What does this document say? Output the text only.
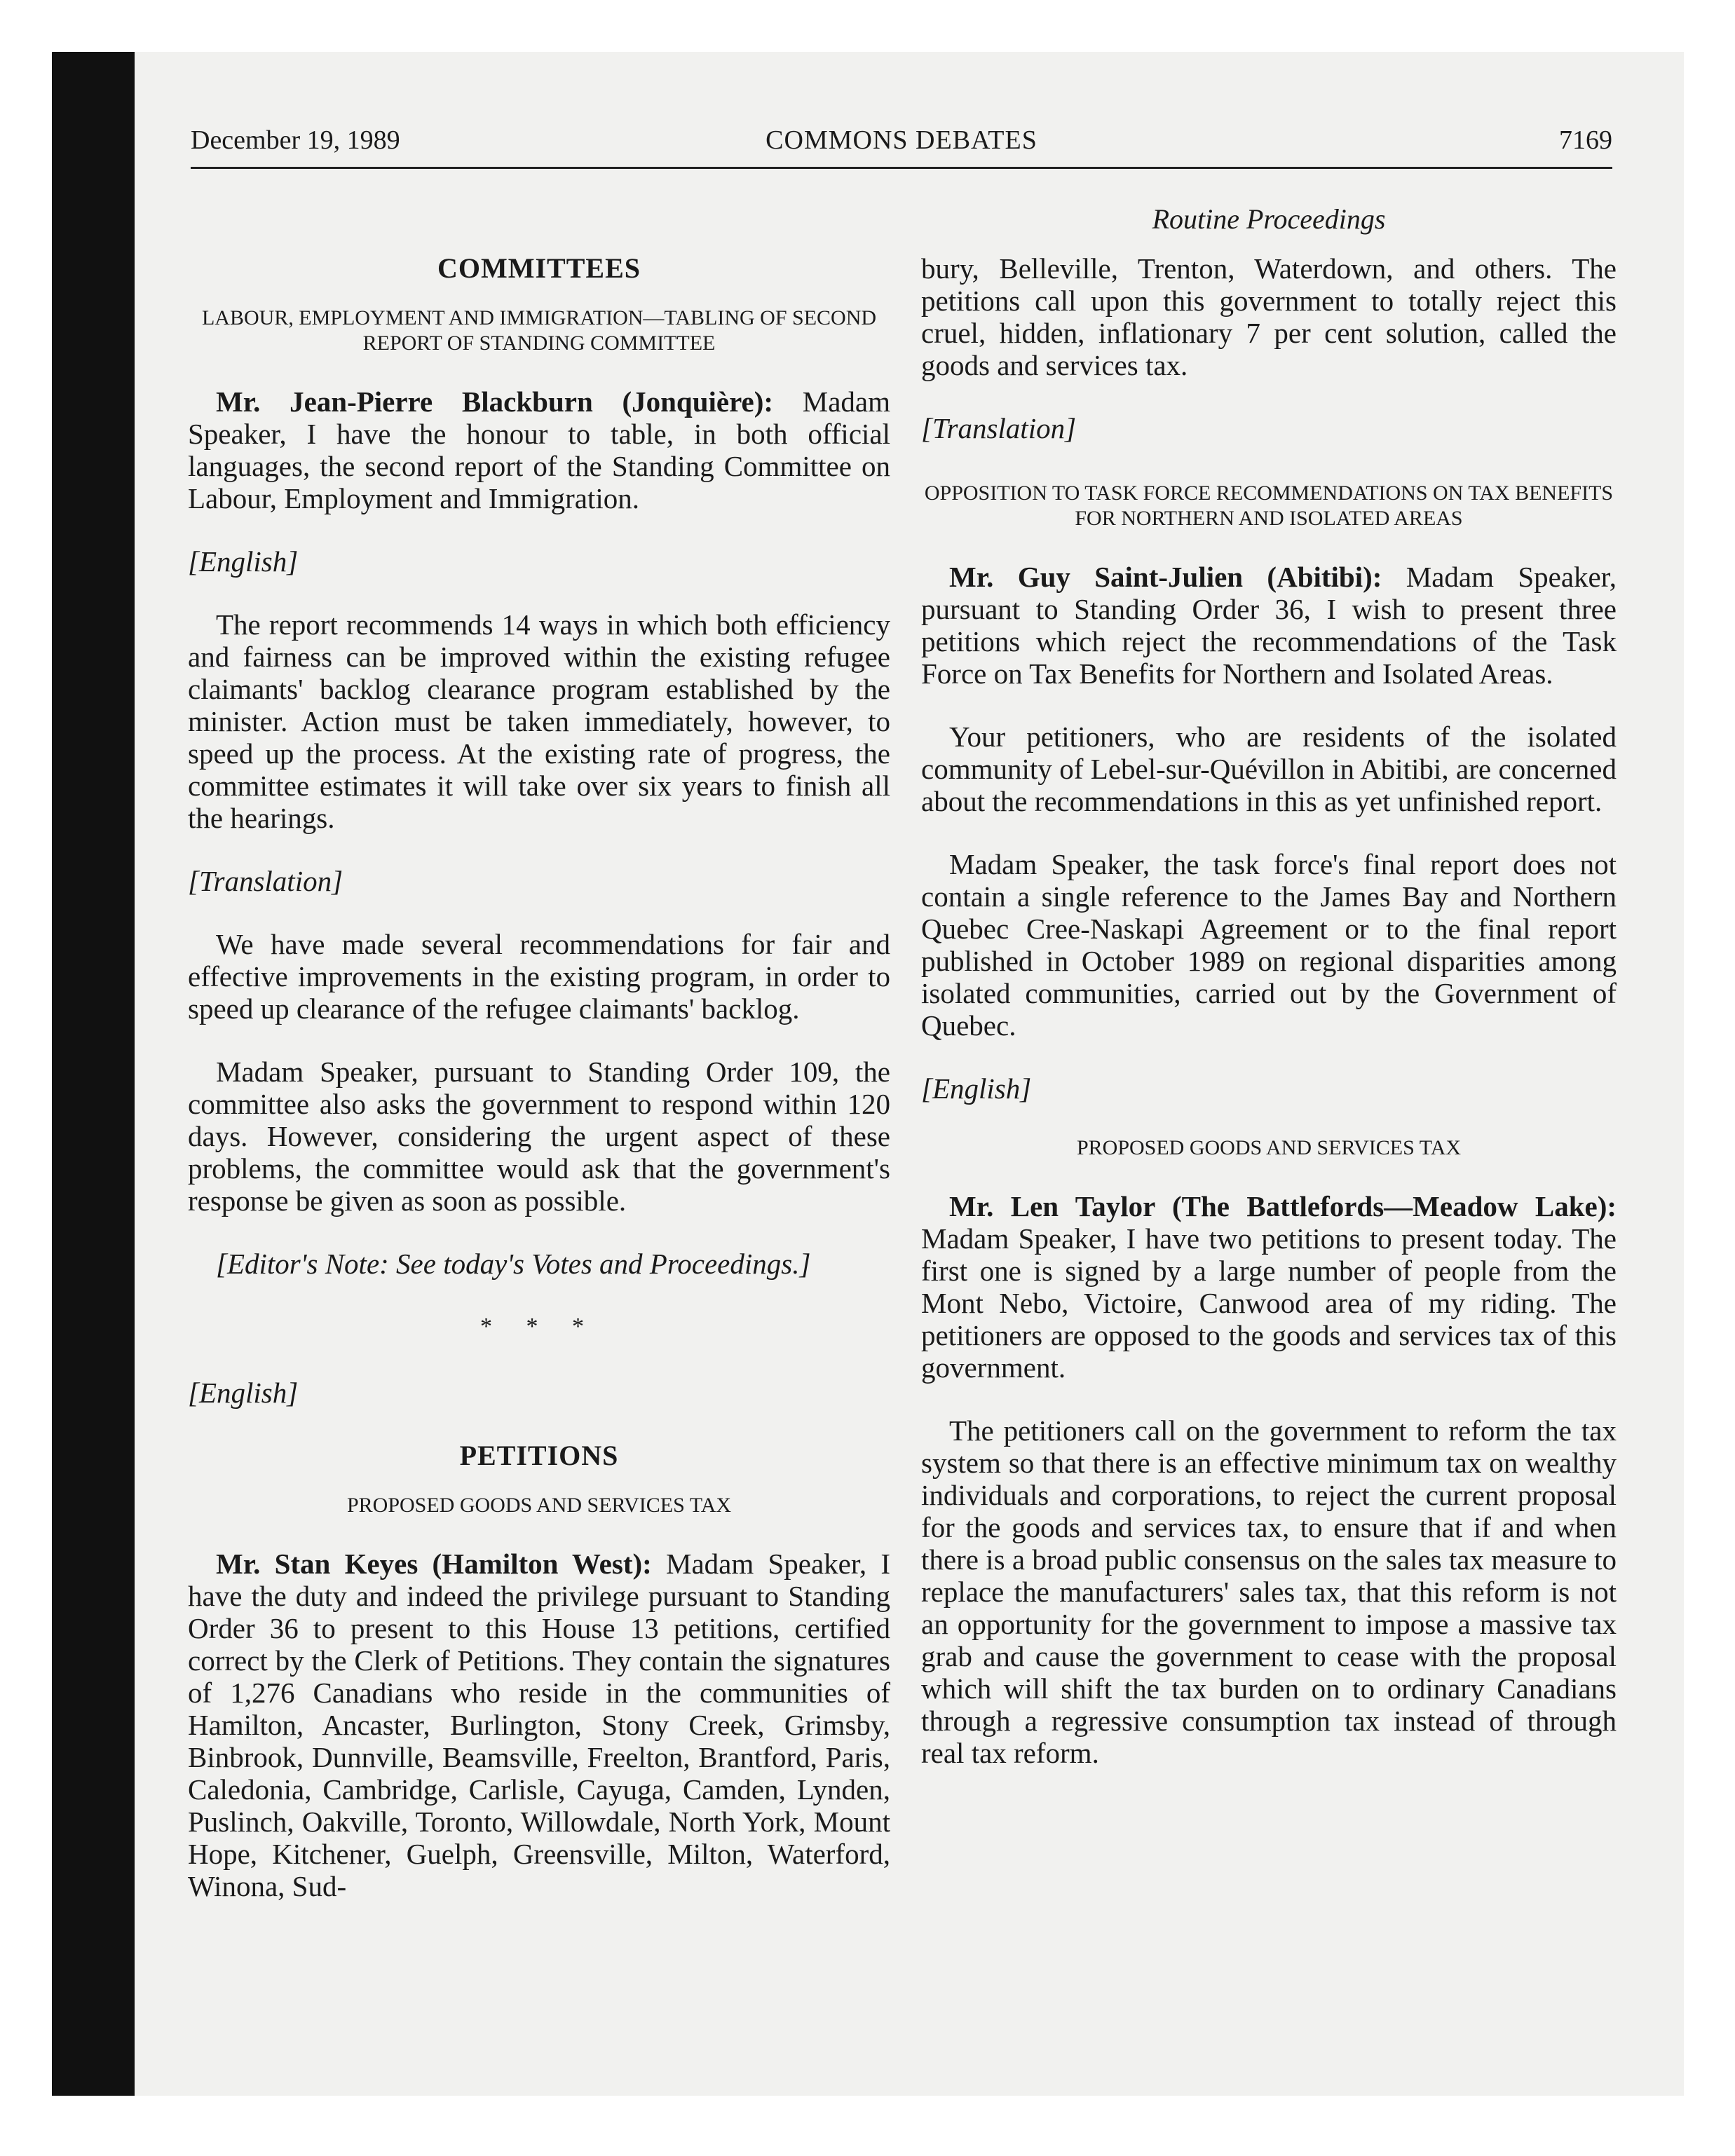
December 19, 1989	COMMONS DEBATES	7169
COMMITTEES
LABOUR, EMPLOYMENT AND IMMIGRATION—TABLING OF SECOND REPORT OF STANDING COMMITTEE

Mr. Jean-Pierre Blackburn (Jonquière): Madam Speaker, I have the honour to table, in both official languages, the second report of the Standing Committee on Labour, Employment and Immigration.

[English]

The report recommends 14 ways in which both efficiency and fairness can be improved within the existing refugee claimants' backlog clearance program established by the minister. Action must be taken immediately, however, to speed up the process. At the existing rate of progress, the committee estimates it will take over six years to finish all the hearings.

[Translation]

We have made several recommendations for fair and effective improvements in the existing program, in order to speed up clearance of the refugee claimants' backlog.

Madam Speaker, pursuant to Standing Order 109, the committee also asks the government to respond within 120 days. However, considering the urgent aspect of these problems, the committee would ask that the government's response be given as soon as possible.

[Editor's Note: See today's Votes and Proceedings.]
* * *
[English]
PETITIONS
PROPOSED GOODS AND SERVICES TAX

Mr. Stan Keyes (Hamilton West): Madam Speaker, I have the duty and indeed the privilege pursuant to Standing Order 36 to present to this House 13 petitions, certified correct by the Clerk of Petitions. They contain the signatures of 1,276 Canadians who reside in the communities of Hamilton, Ancaster, Burlington, Stony Creek, Grimsby, Binbrook, Dunnville, Beamsville, Freelton, Brantford, Paris, Caledonia, Cambridge, Carlisle, Cayuga, Camden, Lynden, Puslinch, Oakville, Toronto, Willowdale, North York, Mount Hope, Kitchener, Guelph, Greensville, Milton, Waterford, Winona, Sud-

Routine Proceedings

bury, Belleville, Trenton, Waterdown, and others. The petitions call upon this government to totally reject this cruel, hidden, inflationary 7 per cent solution, called the goods and services tax.

[Translation]
OPPOSITION TO TASK FORCE RECOMMENDATIONS ON TAX BENEFITS FOR NORTHERN AND ISOLATED AREAS

Mr. Guy Saint-Julien (Abitibi): Madam Speaker, pursuant to Standing Order 36, I wish to present three petitions which reject the recommendations of the Task Force on Tax Benefits for Northern and Isolated Areas.

Your petitioners, who are residents of the isolated community of Lebel-sur-Quévillon in Abitibi, are concerned about the recommendations in this as yet unfinished report.

Madam Speaker, the task force's final report does not contain a single reference to the James Bay and Northern Quebec Cree-Naskapi Agreement or to the final report published in October 1989 on regional disparities among isolated communities, carried out by the Government of Quebec.

[English]
PROPOSED GOODS AND SERVICES TAX

Mr. Len Taylor (The Battlefords—Meadow Lake): Madam Speaker, I have two petitions to present today. The first one is signed by a large number of people from the Mont Nebo, Victoire, Canwood area of my riding. The petitioners are opposed to the goods and services tax of this government.

The petitioners call on the government to reform the tax system so that there is an effective minimum tax on wealthy individuals and corporations, to reject the current proposal for the goods and services tax, to ensure that if and when there is a broad public consensus on the sales tax measure to replace the manufacturers' sales tax, that this reform is not an opportunity for the government to impose a massive tax grab and cause the government to cease with the proposal which will shift the tax burden on to ordinary Canadians through a regressive consumption tax instead of through real tax reform.
